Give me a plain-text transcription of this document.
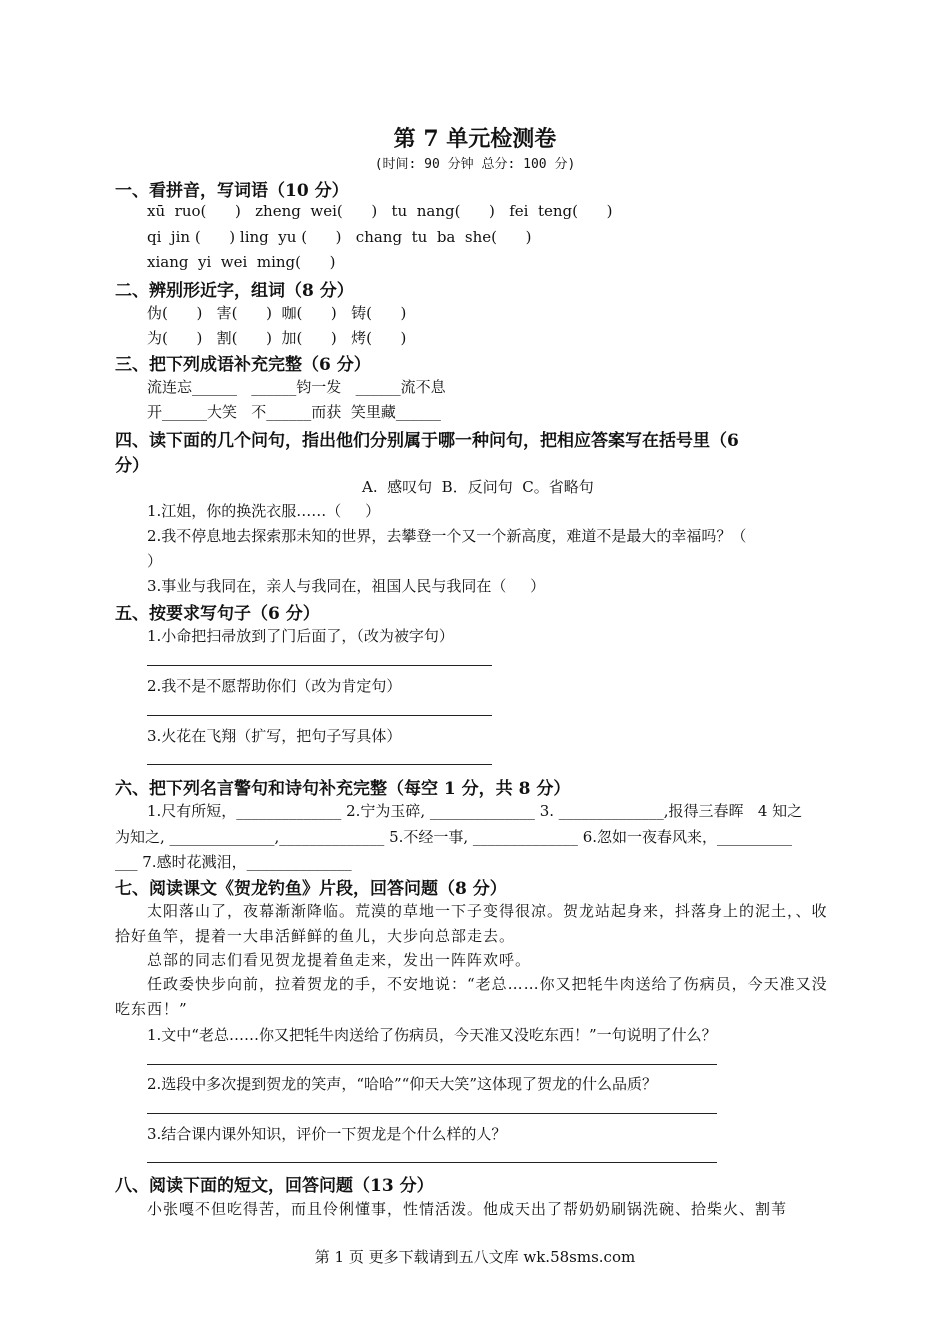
第 7 单元检测卷
(时间: 90 分钟 总分: 100 分)
一、看拼音，写词语（10 分）
xū  ruo(      )   zheng  wei(      )   tu  nang(      )   fei  teng(      )
qi  jin (      ) ling  yu (      )   chang  tu  ba  she(      )
xiang  yi  wei  ming(      )
二、辨别形近字，组词（8 分）
伪(      )   害(      )  咖(      )   铸(      )
为(      )   割(      )  加(      )   烤(      )
三、把下列成语补充完整（6 分）
流连忘______   ______钧一发   ______流不息
开______大笑   不______而获  笑里藏______
四、读下面的几个问句，指出他们分别属于哪一种问句，把相应答案写在括号里（6
分）
A.  感叹句  B．反问句  C。省略句
1.江姐，你的换洗衣服……（     ）
2.我不停息地去探索那未知的世界，去攀登一个又一个新高度，难道不是最大的幸福吗？（
）
3.事业与我同在，亲人与我同在，祖国人民与我同在（     ）
五、按要求写句子（6 分）
1.小命把扫帚放到了门后面了，（改为被字句）
2.我不是不愿帮助你们（改为肯定句）
3.火花在飞翔（扩写，把句子写具体）
六、把下列名言警句和诗句补充完整（每空 1 分，共 8 分）
1.尺有所短，______________ 2.宁为玉碎, ______________ 3. ______________,报得三春晖   4 知之
为知之, ______________,______________ 5.不经一事, ______________ 6.忽如一夜春风来，__________
___ 7.感时花溅泪，______________
七、阅读课文《贺龙钓鱼》片段，回答问题（8 分）
太阳落山了，夜幕渐渐降临。荒漠的草地一下子变得很凉。贺龙站起身来，抖落身上的泥土，、收拾好鱼竿，提着一大串活鲜鲜的鱼儿，大步向总部走去。
总部的同志们看见贺龙提着鱼走来，发出一阵阵欢呼。
任政委快步向前，拉着贺龙的手，不安地说：“老总……你又把牦牛肉送给了伤病员，今天准又没吃东西！”
1.文中“老总……你又把牦牛肉送给了伤病员，今天准又没吃东西！”一句说明了什么？
2.选段中多次提到贺龙的笑声，“哈哈”“仰天大笑”这体现了贺龙的什么品质？
3.结合课内课外知识，评价一下贺龙是个什么样的人？
八、阅读下面的短文，回答问题（13 分）
小张嘎不但吃得苦，而且伶俐懂事，性情活泼。他成天出了帮奶奶刷锅洗碗、拾柴火、割苇
第 1 页 更多下载请到五八文库 wk.58sms.com
